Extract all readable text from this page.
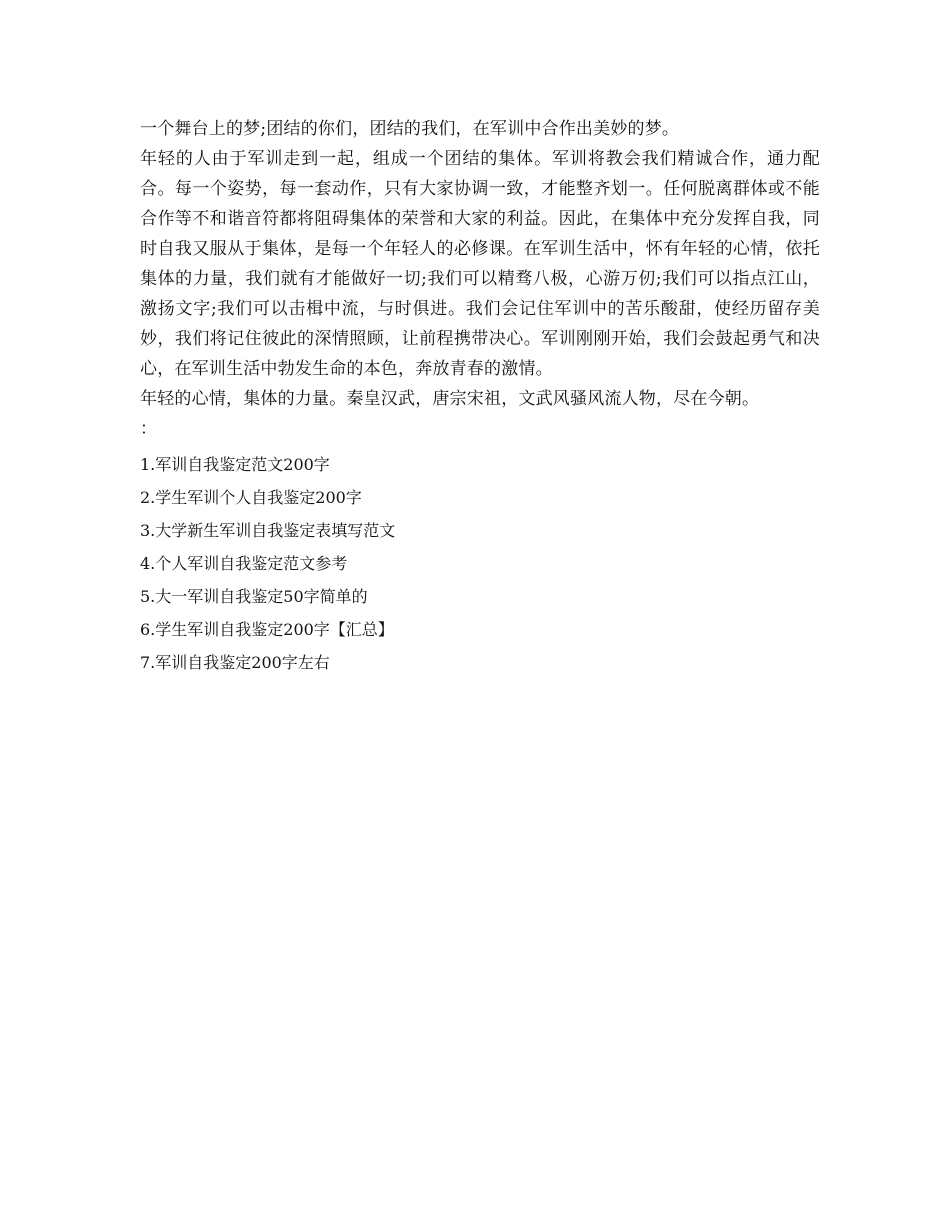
一个舞台上的梦;团结的你们，团结的我们，在军训中合作出美妙的梦。

年轻的人由于军训走到一起，组成一个团结的集体。军训将教会我们精诚合作，通力配合。每一个姿势，每一套动作，只有大家协调一致，才能整齐划一。任何脱离群体或不能合作等不和谐音符都将阻碍集体的荣誉和大家的利益。因此，在集体中充分发挥自我，同时自我又服从于集体，是每一个年轻人的必修课。在军训生活中，怀有年轻的心情，依托集体的力量，我们就有才能做好一切;我们可以精骛八极，心游万仞;我们可以指点江山，激扬文字;我们可以击楫中流，与时俱进。我们会记住军训中的苦乐酸甜，使经历留存美妙，我们将记住彼此的深情照顾，让前程携带决心。军训刚刚开始，我们会鼓起勇气和决心，在军训生活中勃发生命的本色，奔放青春的激情。

年轻的心情，集体的力量。秦皇汉武，唐宗宋祖，文武风骚风流人物，尽在今朝。

：

1.军训自我鉴定范文200字
2.学生军训个人自我鉴定200字
3.大学新生军训自我鉴定表填写范文
4.个人军训自我鉴定范文参考
5.大一军训自我鉴定50字简单的
6.学生军训自我鉴定200字【汇总】
7.军训自我鉴定200字左右
